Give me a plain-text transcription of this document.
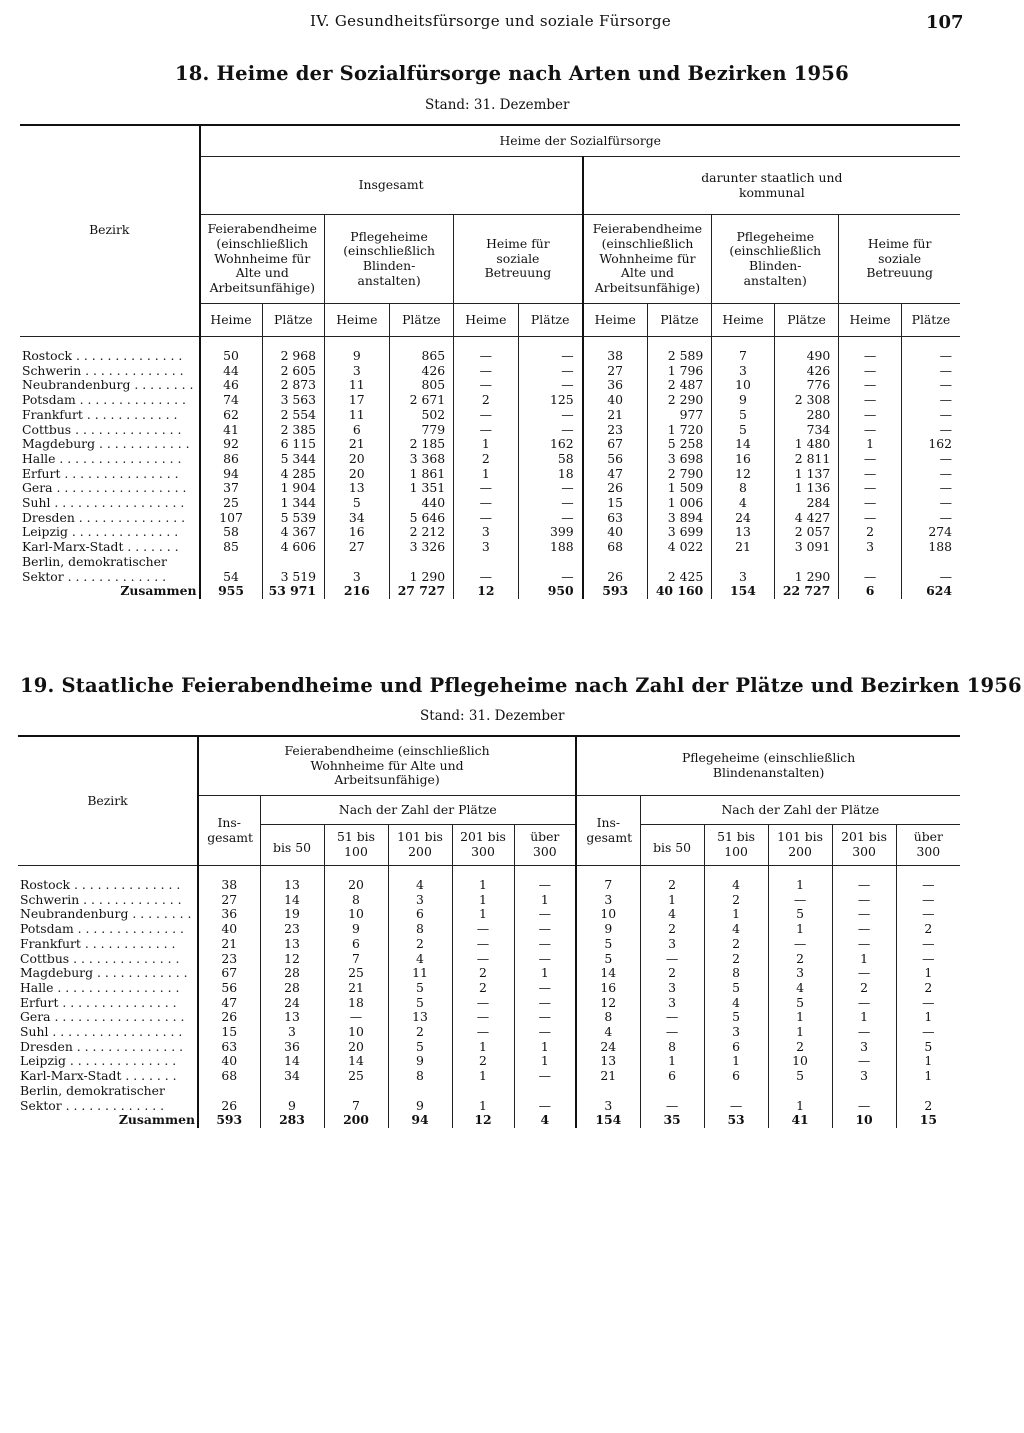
IV. Gesundheitsfürsorge und soziale Fürsorge	107
18. Heime der Sozialfürsorge nach Arten und Bezirken 1956
Stand: 31. Dezember
Bezirk	Heime der Sozialfürsorge											
	Insgesamt						darunter staatlich und kommunal					

	Feierabendheime (einschließlich Wohnheime für Alte und Arbeitsunfähige)		Pflegeheime (einschließlich Blinden- anstalten)		Heime für soziale Betreuung		Feierabendheime (einschließlich Wohnheime für Alte und Arbeitsunfähige)		Pflegeheime (einschließlich Blinden- anstalten)		Heime für soziale Betreuung	

	Heime	Plätze	Heime	Plätze	Heime	Plätze	Heime	Plätze	Heime	Plätze	Heime	Plätze

Rostock . . . . . . . . . . . . . .	50	2 968	9	865	—	—	38	2 589	7	490	—	—
Schwerin . . . . . . . . . . . . .	44	2 605	3	426	—	—	27	1 796	3	426	—	—
Neubrandenburg . . . . . . . .	46	2 873	11	805	—	—	36	2 487	10	776	—	—
Potsdam . . . . . . . . . . . . . .	74	3 563	17	2 671	2	125	40	2 290	9	2 308	—	—
Frankfurt . . . . . . . . . . . .	62	2 554	11	502	—	—	21	977	5	280	—	—
Cottbus . . . . . . . . . . . . . .	41	2 385	6	779	—	—	23	1 720	5	734	—	—
Magdeburg . . . . . . . . . . . .	92	6 115	21	2 185	1	162	67	5 258	14	1 480	1	162
Halle . . . . . . . . . . . . . . . .	86	5 344	20	3 368	2	58	56	3 698	16	2 811	—	—
Erfurt . . . . . . . . . . . . . . .	94	4 285	20	1 861	1	18	47	2 790	12	1 137	—	—
Gera . . . . . . . . . . . . . . . . .	37	1 904	13	1 351	—	—	26	1 509	8	1 136	—	—
Suhl . . . . . . . . . . . . . . . . .	25	1 344	5	440	—	—	15	1 006	4	284	—	—
Dresden . . . . . . . . . . . . . .	107	5 539	34	5 646	—	—	63	3 894	24	4 427	—	—
Leipzig . . . . . . . . . . . . . .	58	4 367	16	2 212	3	399	40	3 699	13	2 057	2	274
Karl-Marx-Stadt . . . . . . .	85	4 606	27	3 326	3	188	68	4 022	21	3 091	3	188
Berlin, demokratischer												
Sektor . . . . . . . . . . . . .	54	3 519	3	1 290	—	—	26	2 425	3	1 290	—	—
Zusammen	955	53 971	216	27 727	12	950	593	40 160	154	22 727	6	624
19. Staatliche Feierabendheime und Pflegeheime nach Zahl der Plätze und Bezirken 1956
Stand: 31. Dezember
Bezirk	Feierabendheime (einschließlich Wohnheime für Alte und Arbeitsunfähige)						Pflegeheime (einschließlich Blindenanstalten)					

	Ins- gesamt	Nach der Zahl der Plätze					Ins- gesamt	Nach der Zahl der Plätze				

		bis 50	51 bis 100	101 bis 200	201 bis 300	über 300		bis 50	51 bis 100	101 bis 200	201 bis 300	über 300

Rostock . . . . . . . . . . . . . .	38	13	20	4	1	—	7	2	4	1	—	—
Schwerin . . . . . . . . . . . . .	27	14	8	3	1	1	3	1	2	—	—	—
Neubrandenburg . . . . . . . .	36	19	10	6	1	—	10	4	1	5	—	—
Potsdam . . . . . . . . . . . . . .	40	23	9	8	—	—	9	2	4	1	—	2
Frankfurt . . . . . . . . . . . .	21	13	6	2	—	—	5	3	2	—	—	—
Cottbus . . . . . . . . . . . . . .	23	12	7	4	—	—	5	—	2	2	1	—
Magdeburg . . . . . . . . . . . .	67	28	25	11	2	1	14	2	8	3	—	1
Halle . . . . . . . . . . . . . . . .	56	28	21	5	2	—	16	3	5	4	2	2
Erfurt . . . . . . . . . . . . . . .	47	24	18	5	—	—	12	3	4	5	—	—
Gera . . . . . . . . . . . . . . . . .	26	13	—	13	—	—	8	—	5	1	1	1
Suhl . . . . . . . . . . . . . . . . .	15	3	10	2	—	—	4	—	3	1	—	—
Dresden . . . . . . . . . . . . . .	63	36	20	5	1	1	24	8	6	2	3	5
Leipzig . . . . . . . . . . . . . .	40	14	14	9	2	1	13	1	1	10	—	1
Karl-Marx-Stadt . . . . . . .	68	34	25	8	1	—	21	6	6	5	3	1
Berlin, demokratischer												
Sektor . . . . . . . . . . . . .	26	9	7	9	1	—	3	—	—	1	—	2
Zusammen	593	283	200	94	12	4	154	35	53	41	10	15
